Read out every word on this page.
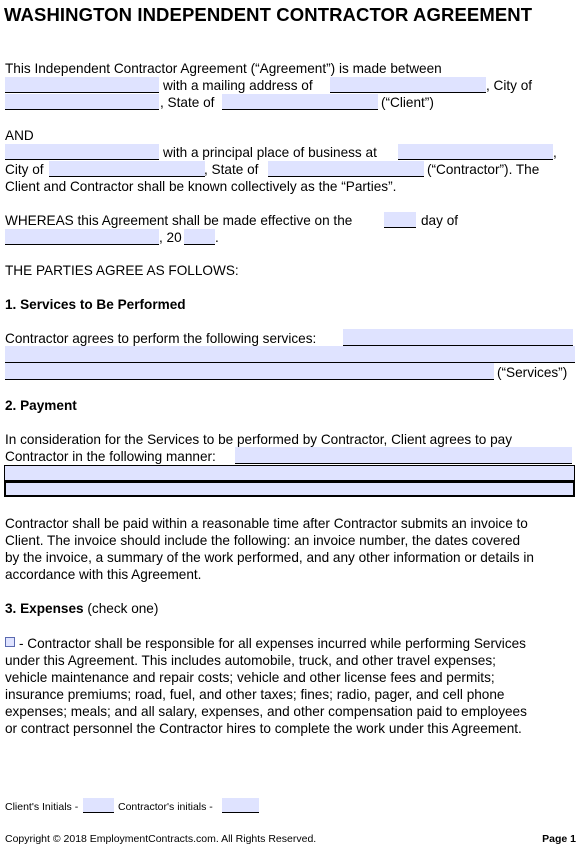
WASHINGTON INDEPENDENT CONTRACTOR AGREEMENT
This Independent Contractor Agreement (“Agreement”) is made between
with a mailing address of	, City of
, State of	(“Client”)
AND
with a principal place of business at	,
City of	, State of	(“Contractor”). The
Client and Contractor shall be known collectively as the “Parties”.
WHEREAS this Agreement shall be made effective on the	day of
, 20 .
THE PARTIES AGREE AS FOLLOWS:
1. Services to Be Performed
Contractor agrees to perform the following services:
(“Services”)
2. Payment
In consideration for the Services to be performed by Contractor, Client agrees to pay
Contractor in the following manner:
Contractor shall be paid within a reasonable time after Contractor submits an invoice to
Client. The invoice should include the following: an invoice number, the dates covered
by the invoice, a summary of the work performed, and any other information or details in
accordance with this Agreement.
3. Expenses (check one)
- Contractor shall be responsible for all expenses incurred while performing Services
under this Agreement. This includes automobile, truck, and other travel expenses;
vehicle maintenance and repair costs; vehicle and other license fees and permits;
insurance premiums; road, fuel, and other taxes; fines; radio, pager, and cell phone
expenses; meals; and all salary, expenses, and other compensation paid to employees
or contract personnel the Contractor hires to complete the work under this Agreement.
Client's Initials -	Contractor's initials -
Copyright © 2018 EmploymentContracts.com. All Rights Reserved.	Page 1
